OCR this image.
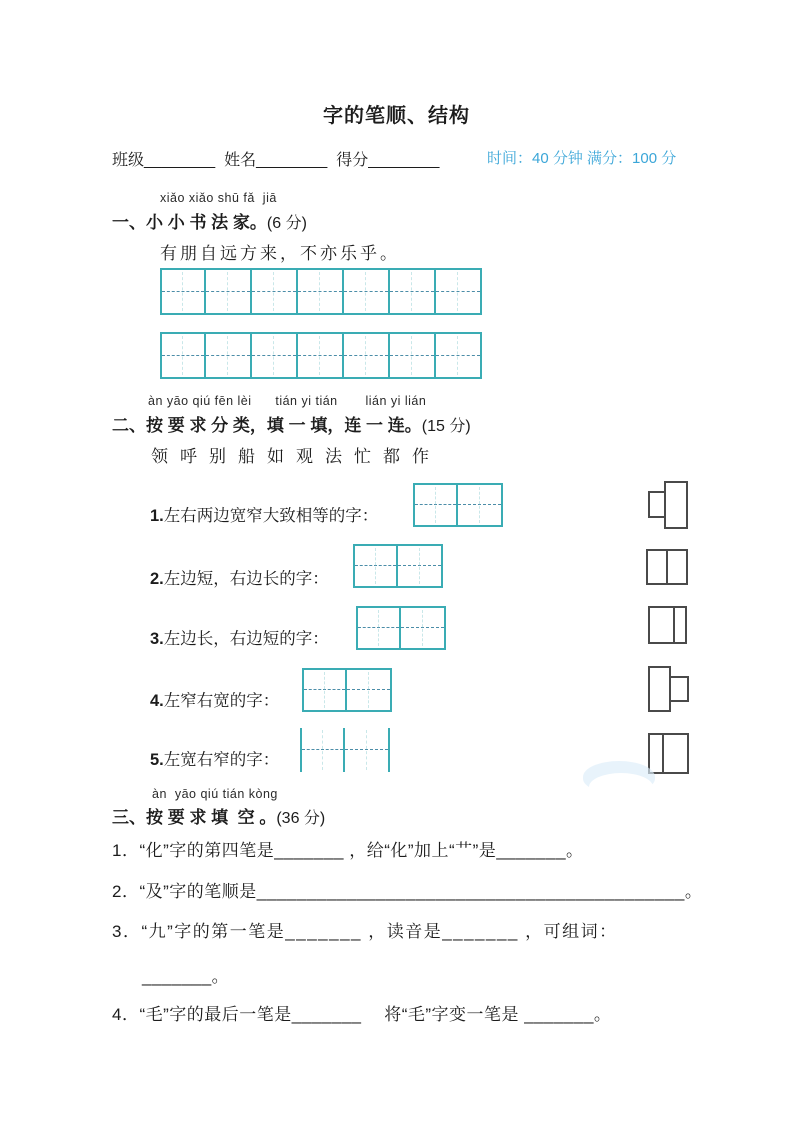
字的笔顺、结构
班级________ 姓名________ 得分________	时间：40 分钟 满分：100 分
xiǎo xiǎo shū fǎ  jiā
一、小 小 书 法 家。(6 分)
有朋自远方来，不亦乐乎。
àn yāo qiú fēn lèi      tián yi tián       lián yi lián
二、按 要 求 分 类，填 一 填，连 一 连。(15 分)
领 呼 别 船 如 观 法 忙 都 作
1.左右两边宽窄大致相等的字：
2.左边短，右边长的字：
3.左边长，右边短的字：
4.左窄右宽的字：
5.左宽右窄的字：
àn  yāo qiú tián kòng
三、按 要 求 填  空 。(36 分)
1．“化”字的第四笔是_______ ，给“化”加上“艹”是_______。
2．“及”字的笔顺是___________________________________________。
3．“九”字的第一笔是_______ ，读音是_______ ，可组词：
_______。
4．“毛”字的最后一笔是_______ 　将“毛”字变一笔是 _______。
